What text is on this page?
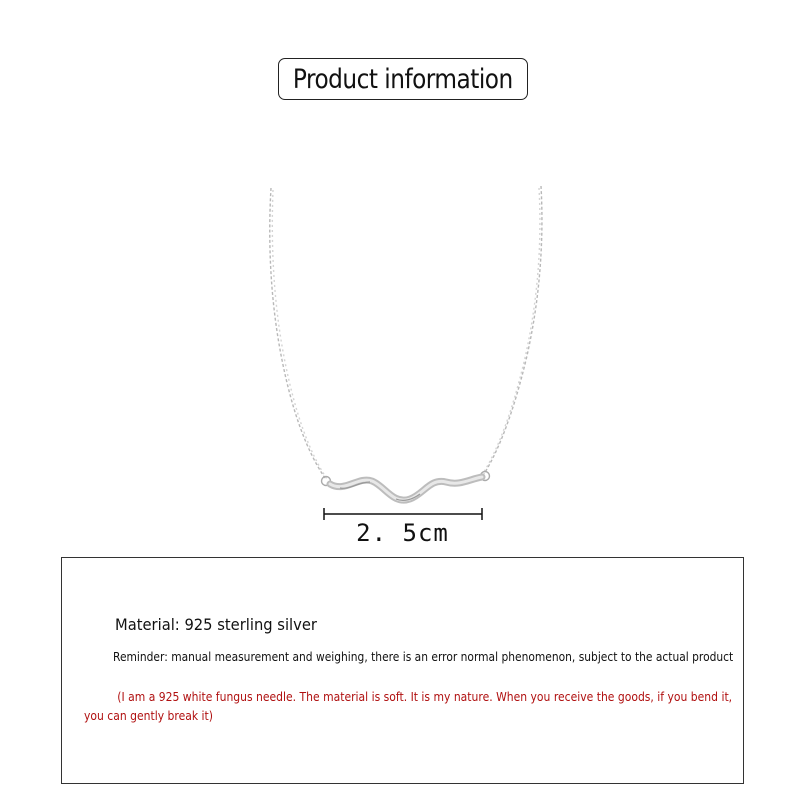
Product information
2. 5cm
Material: 925 sterling silver
Reminder: manual measurement and weighing, there is an error normal phenomenon, subject to the actual product
(I am a 925 white fungus needle. The material is soft. It is my nature. When you receive the goods, if you bend it,
you can gently break it)
